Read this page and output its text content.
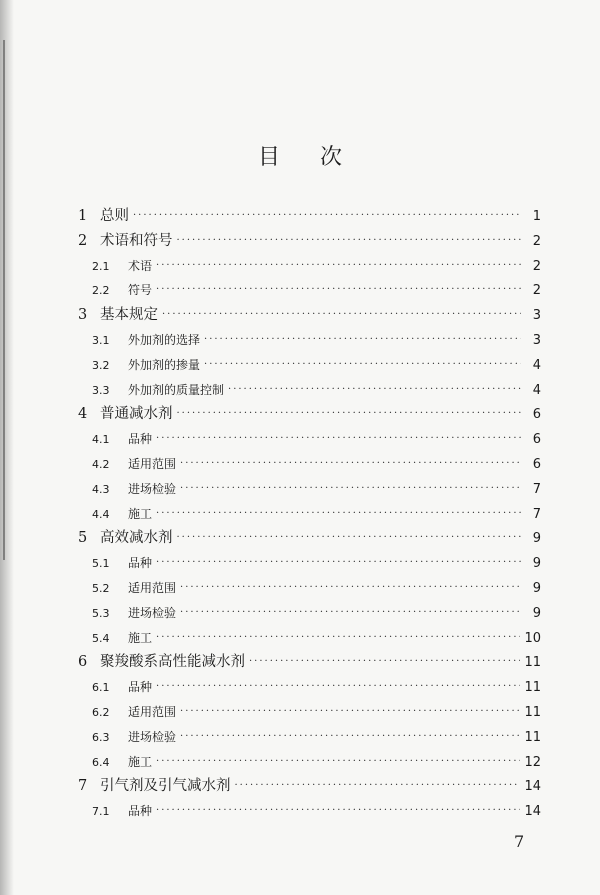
目 次
1 总则 ·····	1
2 术语和符号 ·····	2
2.1	术语 ·····	2
2.2	符号 ·····	2
3 基本规定 ·····	3
3.1	外加剂的选择 ·····	3
3.2	外加剂的掺量 ·····	4
3.3	外加剂的质量控制 ·····	4
4 普通减水剂 ·····	6
4.1	品种 ·····	6
4.2	适用范围 ·····	6
4.3	进场检验 ·····	7
4.4	施工 ·····	7
5 高效减水剂 ·····	9
5.1	品种 ·····	9
5.2	适用范围 ·····	9
5.3	进场检验 ·····	9
5.4	施工 ·····	10
6 聚羧酸系高性能减水剂 ·····	11
6.1	品种 ·····	11
6.2	适用范围 ·····	11
6.3	进场检验 ·····	11
6.4	施工 ·····	12
7 引气剂及引气减水剂 ·····	14
7.1	品种 ·····	14
7
